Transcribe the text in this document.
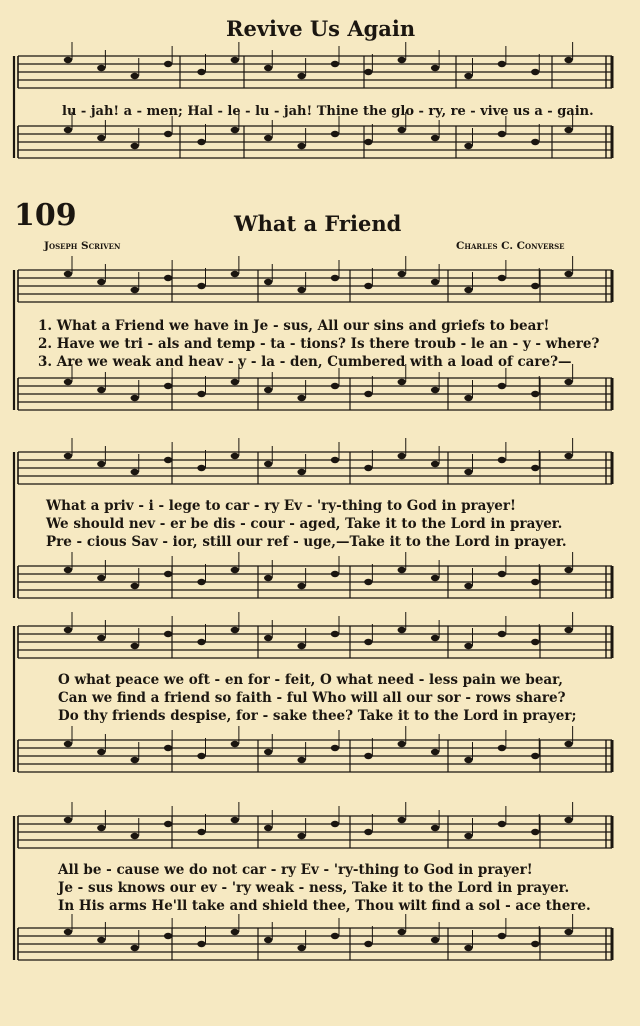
Revive Us Again
lu - jah! a - men; Hal - le - lu - jah! Thine the glo - ry, re - vive us a - gain.
109	What a Friend
Joseph Scriven	Charles C. Converse
1. What a Friend we have in Je - sus, All our sins and griefs to bear!
2. Have we tri - als and temp - ta - tions? Is there troub - le an - y - where?
3. Are we weak and heav - y - la - den, Cumbered with a load of care?—
What a priv - i - lege to car - ry Ev - 'ry-thing to God in prayer!
We should nev - er be dis - cour - aged, Take it to the Lord in prayer.
Pre - cious Sav - ior, still our ref - uge,—Take it to the Lord in prayer.
O what peace we oft - en for - feit, O what need - less pain we bear,
Can we find a friend so faith - ful Who will all our sor - rows share?
Do thy friends despise, for - sake thee? Take it to the Lord in prayer;
All be - cause we do not car - ry Ev - 'ry-thing to God in prayer!
Je - sus knows our ev - 'ry weak - ness, Take it to the Lord in prayer.
In His arms He'll take and shield thee, Thou wilt find a sol - ace there.
